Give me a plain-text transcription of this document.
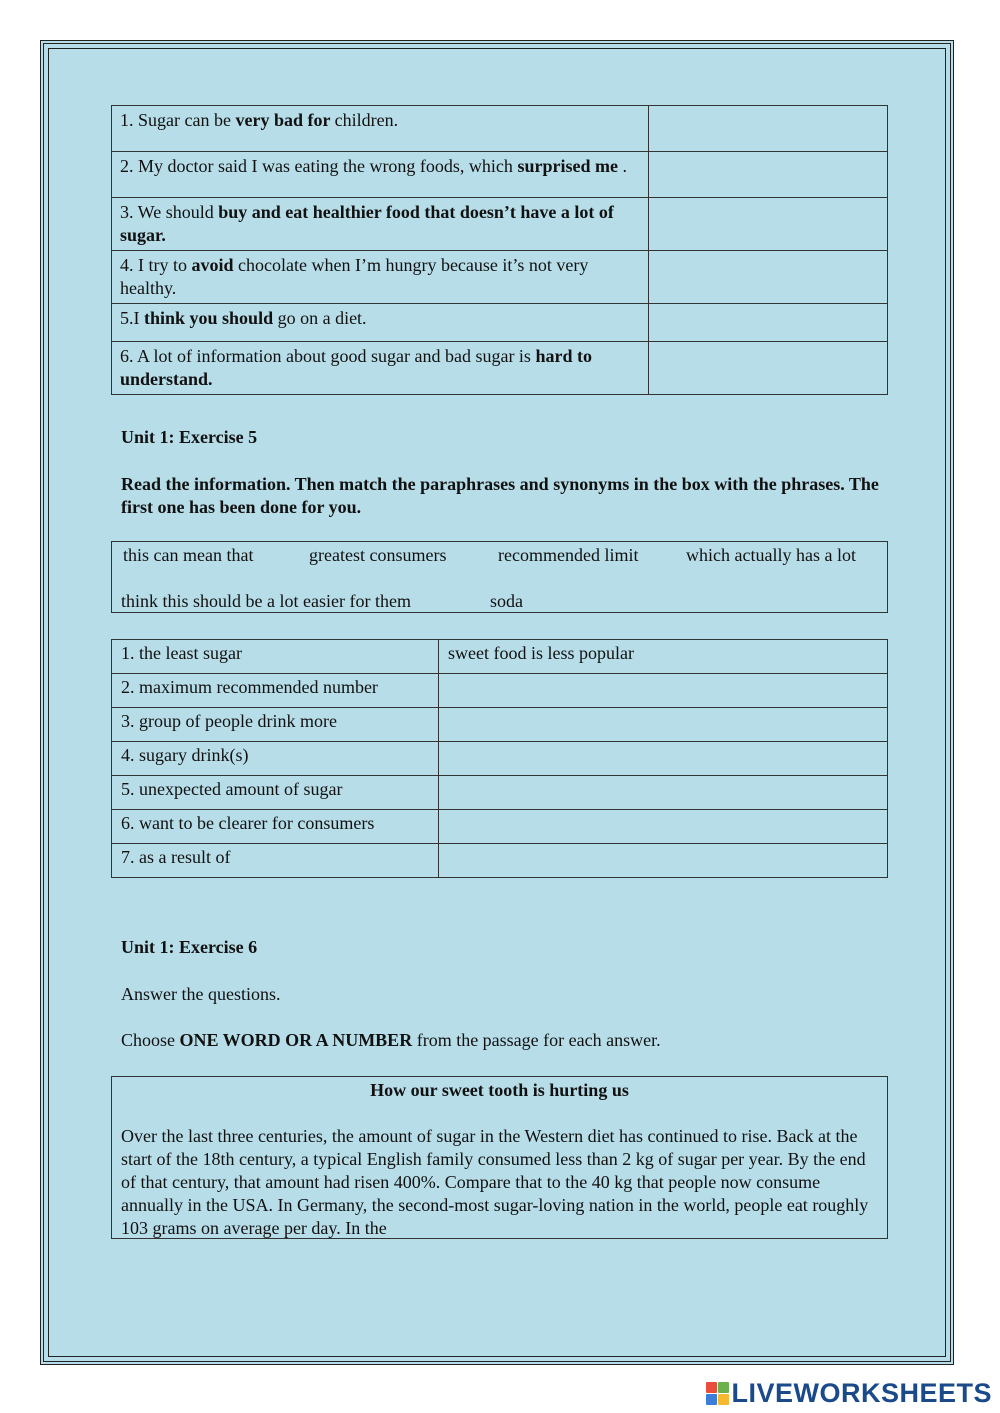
1. Sugar can be very bad for children.	
2. My doctor said I was eating the wrong foods, which surprised me .	
3. We should buy and eat healthier food that doesn’t have a lot of sugar.	
4. I try to avoid chocolate when I’m hungry because it’s not very healthy.	
5.I think you should go on a diet.	
6. A lot of information about good sugar and bad sugar is hard to understand.	
Unit 1: Exercise 5
Read the information. Then match the paraphrases and synonyms in the box with the phrases. The first one has been done for you.
this can mean that	greatest consumers	recommended limit	which actually has a lot
think this should be a lot easier for them	soda
1. the least sugar	sweet food is less popular
2. maximum recommended number	
3. group of people drink more	
4. sugary drink(s)	
5. unexpected amount of sugar	
6. want to be clearer for consumers	
7. as a result of	
Unit 1: Exercise 6
Answer the questions.
Choose ONE WORD OR A NUMBER from the passage for each answer.
How our sweet tooth is hurting us
Over the last three centuries, the amount of sugar in the Western diet has continued to rise. Back at the start of the 18th century, a typical English family consumed less than 2 kg of sugar per year. By the end of that century, that amount had risen 400%. Compare that to the 40 kg that people now consume annually in the USA. In Germany, the second-most sugar-loving nation in the world, people eat roughly 103 grams on average per day. In the
LIVEWORKSHEETS
